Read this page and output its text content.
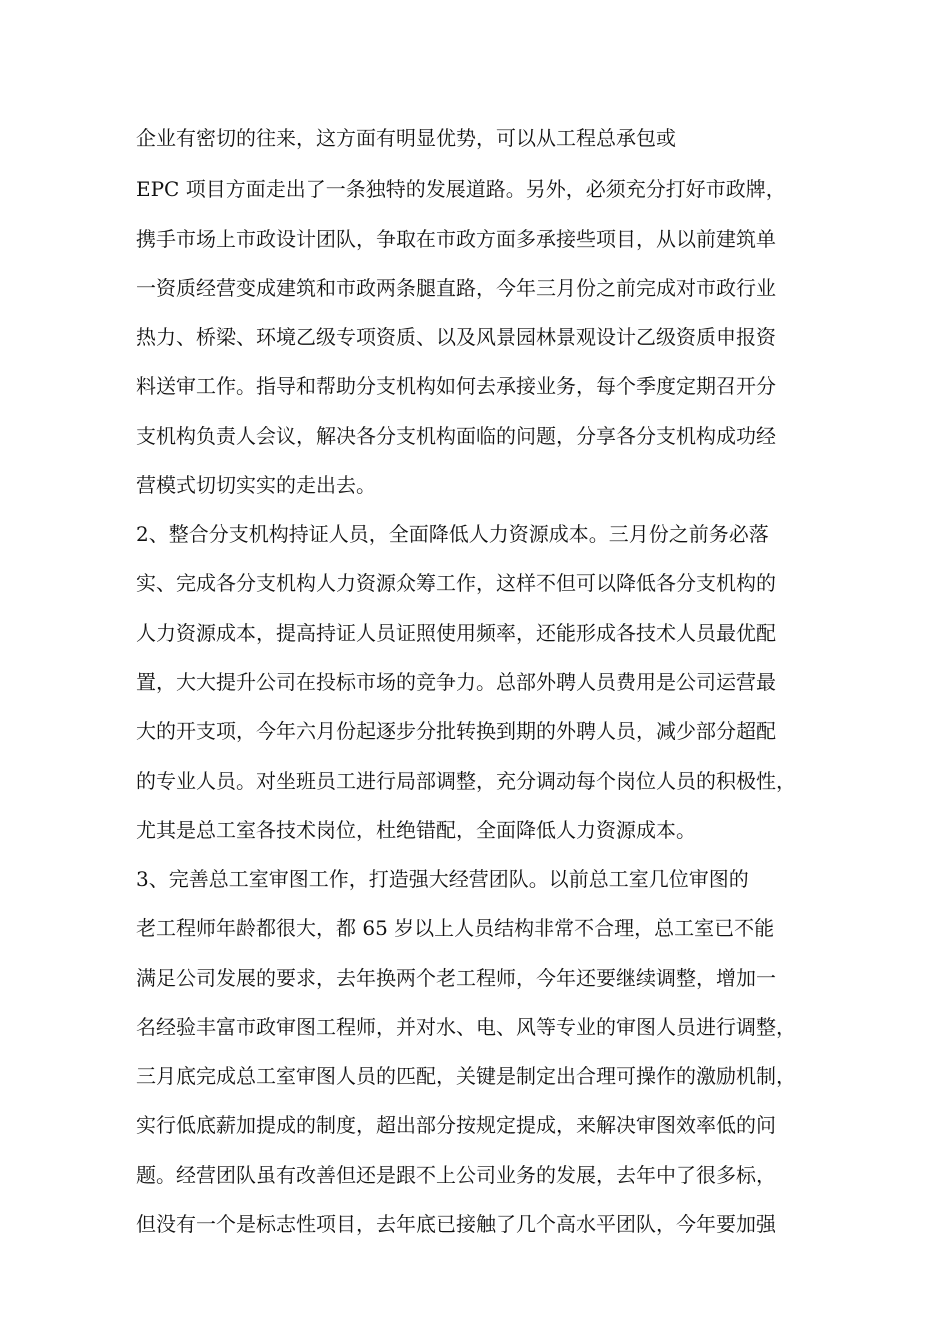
企业有密切的往来，这方面有明显优势，可以从工程总承包或
EPC 项目方面走出了一条独特的发展道路。另外，必须充分打好市政牌，
携手市场上市政设计团队，争取在市政方面多承接些项目，从以前建筑单
一资质经营变成建筑和市政两条腿直路，今年三月份之前完成对市政行业
热力、桥梁、环境乙级专项资质、以及风景园林景观设计乙级资质申报资
料送审工作。指导和帮助分支机构如何去承接业务，每个季度定期召开分
支机构负责人会议，解决各分支机构面临的问题，分享各分支机构成功经
营模式切切实实的走出去。
2、整合分支机构持证人员，全面降低人力资源成本。三月份之前务必落
实、完成各分支机构人力资源众筹工作，这样不但可以降低各分支机构的
人力资源成本，提高持证人员证照使用频率，还能形成各技术人员最优配
置，大大提升公司在投标市场的竞争力。总部外聘人员费用是公司运营最
大的开支项，今年六月份起逐步分批转换到期的外聘人员，减少部分超配
的专业人员。对坐班员工进行局部调整，充分调动每个岗位人员的积极性，
尤其是总工室各技术岗位，杜绝错配，全面降低人力资源成本。
3、完善总工室审图工作，打造强大经营团队。以前总工室几位审图的
老工程师年龄都很大，都 65 岁以上人员结构非常不合理，总工室已不能
满足公司发展的要求，去年换两个老工程师，今年还要继续调整，增加一
名经验丰富市政审图工程师，并对水、电、风等专业的审图人员进行调整，
三月底完成总工室审图人员的匹配，关键是制定出合理可操作的激励机制，
实行低底薪加提成的制度，超出部分按规定提成，来解决审图效率低的问
题。经营团队虽有改善但还是跟不上公司业务的发展，去年中了很多标，
但没有一个是标志性项目，去年底已接触了几个高水平团队，今年要加强
